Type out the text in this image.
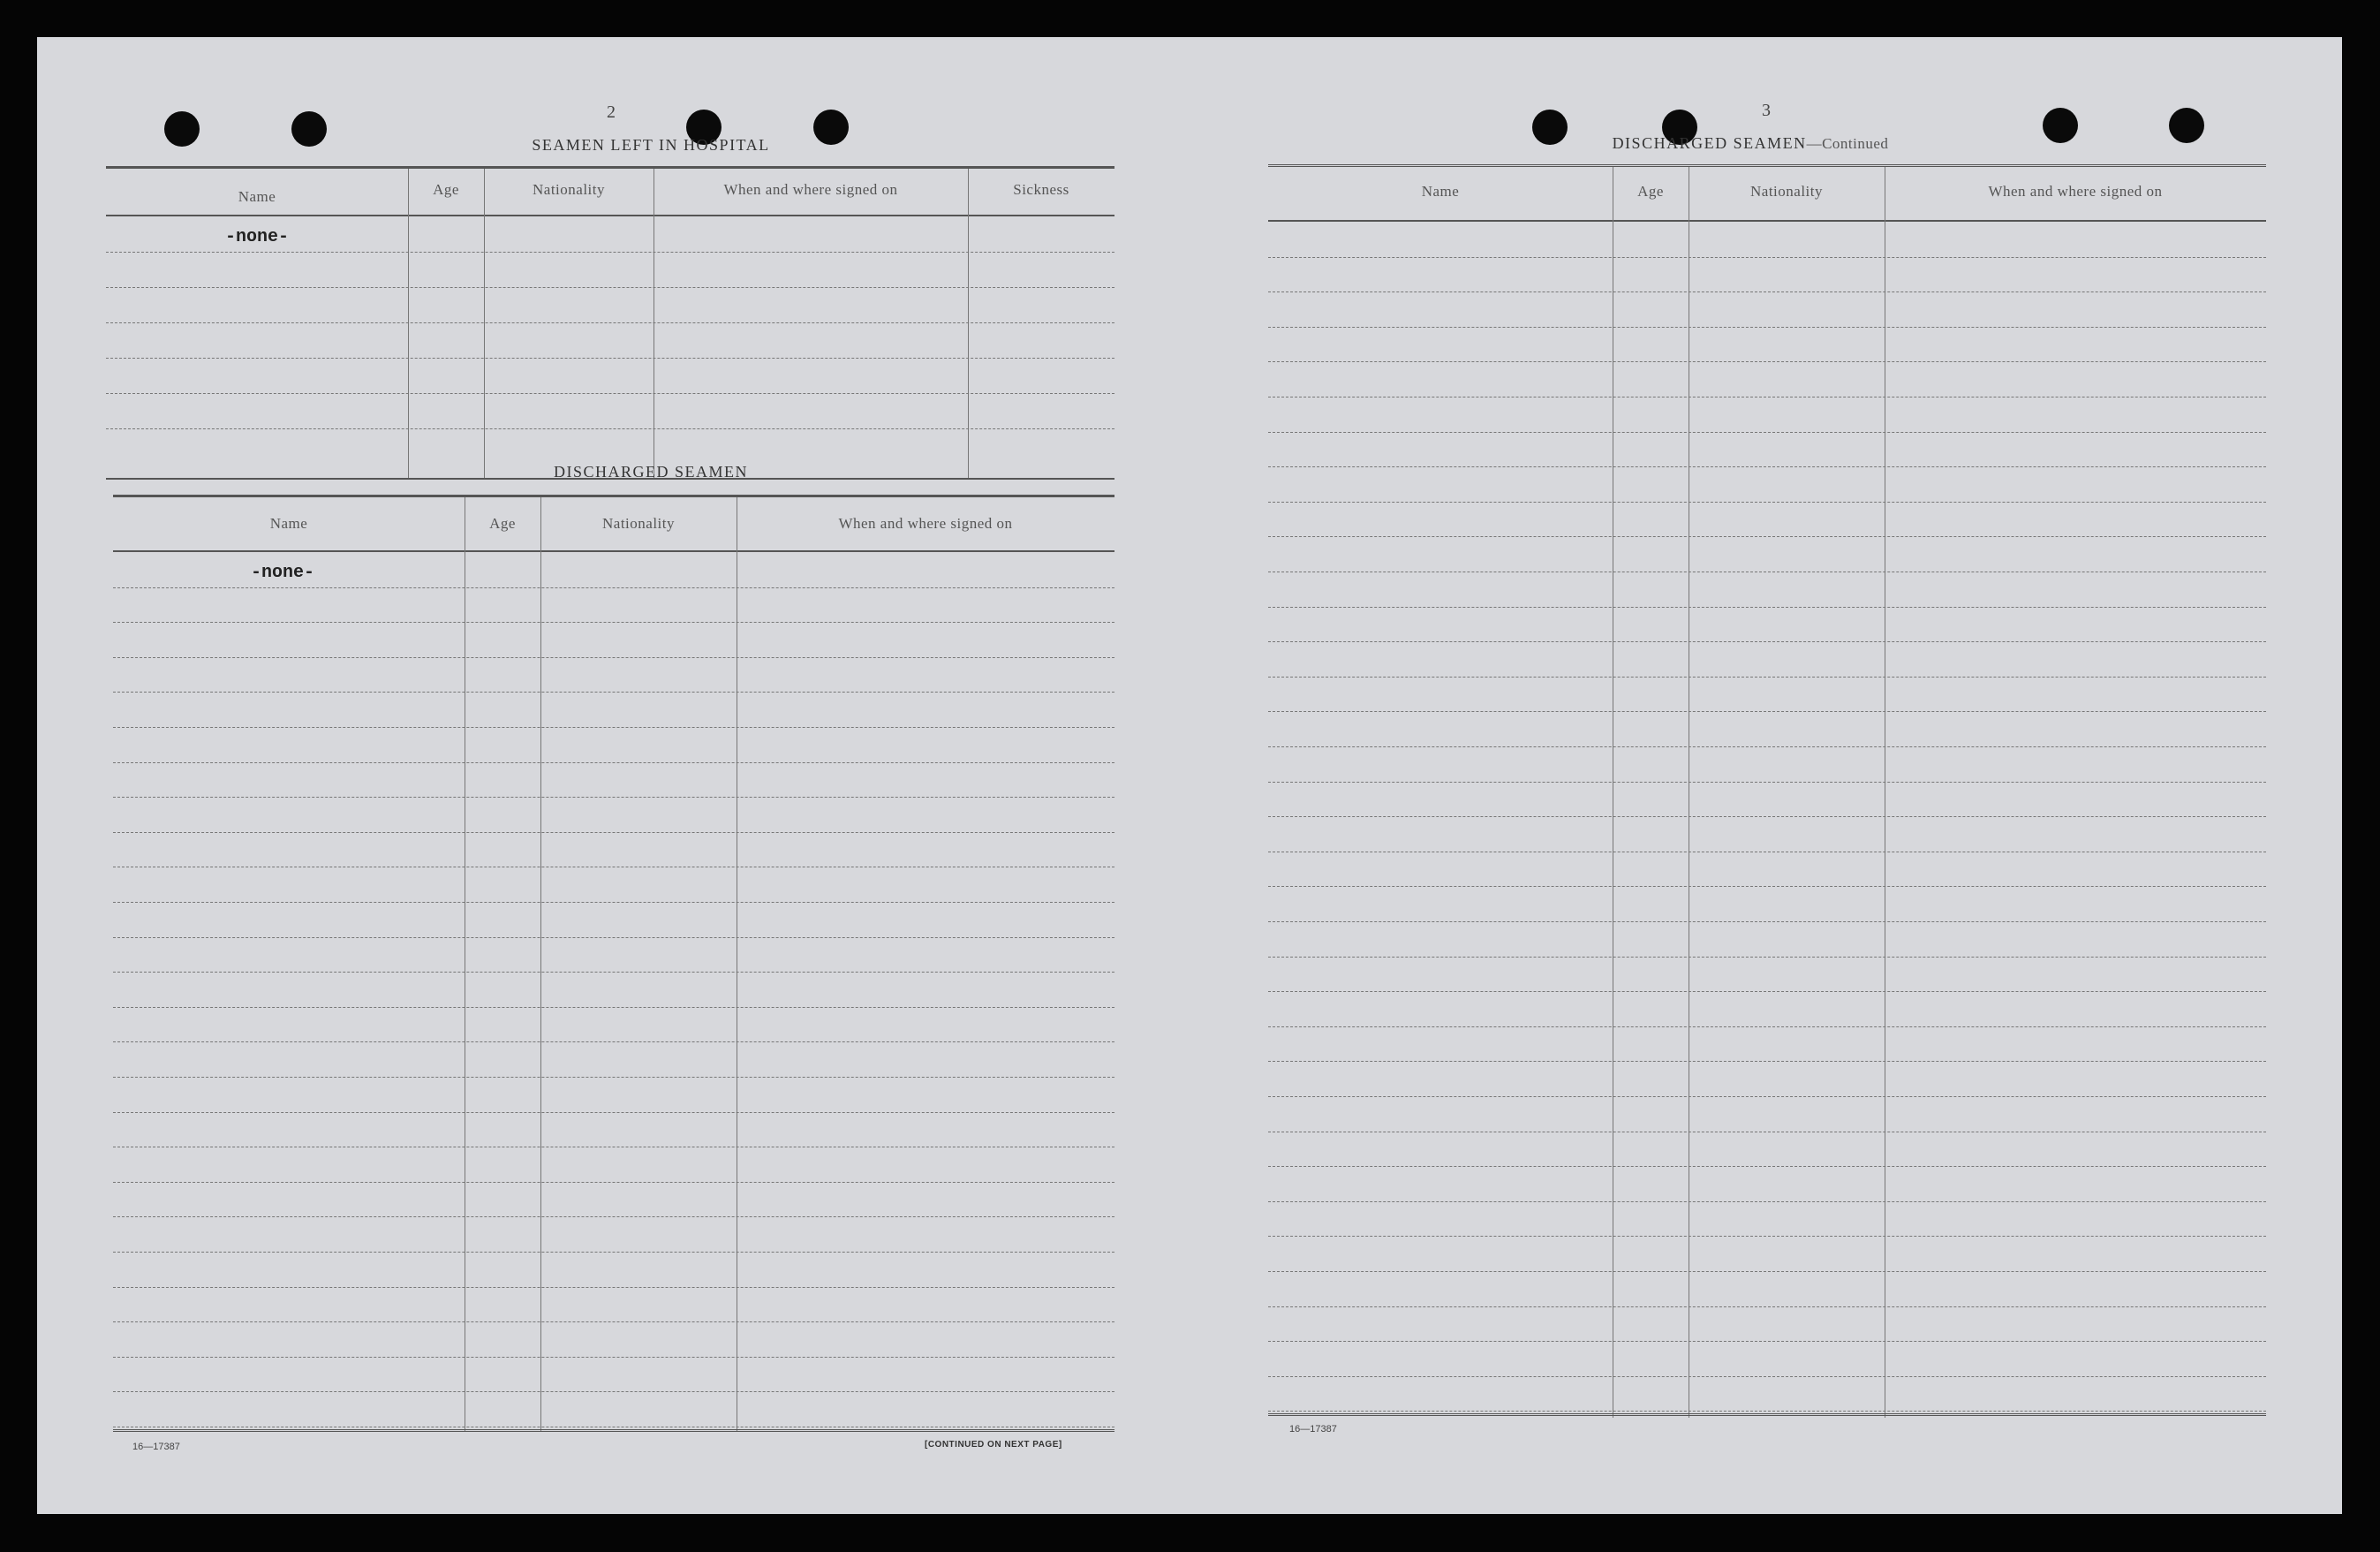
2
SEAMEN LEFT IN HOSPITAL
Name	Age	Nationality	When and where signed on	Sickness
-none-
DISCHARGED SEAMEN
Name	Age	Nationality	When and where signed on
-none-
16—17387	[CONTINUED ON NEXT PAGE]
3
DISCHARGED SEAMEN—Continued
Name	Age	Nationality	When and where signed on
16—17387
